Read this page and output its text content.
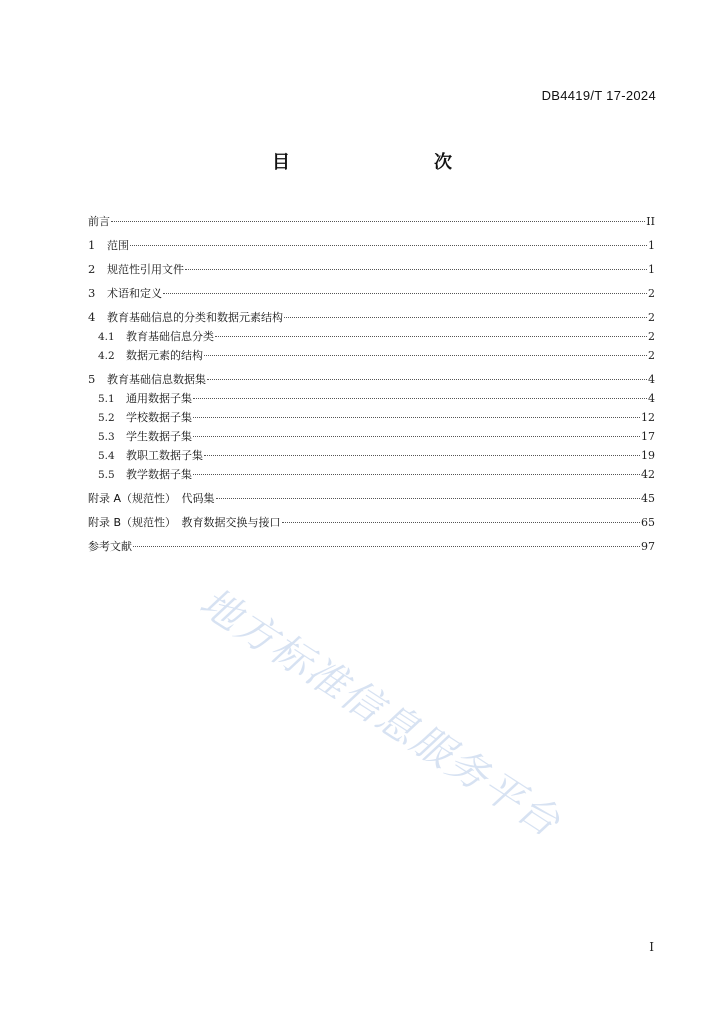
DB4419/T 17-2024
目　　次
前言	II
1	范围	1
2	规范性引用文件	1
3	术语和定义	2
4	教育基础信息的分类和数据元素结构	2
4.1	教育基础信息分类	2
4.2	数据元素的结构	2
5	教育基础信息数据集	4
5.1	通用数据子集	4
5.2	学校数据子集	12
5.3	学生数据子集	17
5.4	教职工数据子集	19
5.5	教学数据子集	42
附录 A（规范性）　代码集	45
附录 B（规范性）　教育数据交换与接口	65
参考文献	97
地方标准信息服务平台
I
